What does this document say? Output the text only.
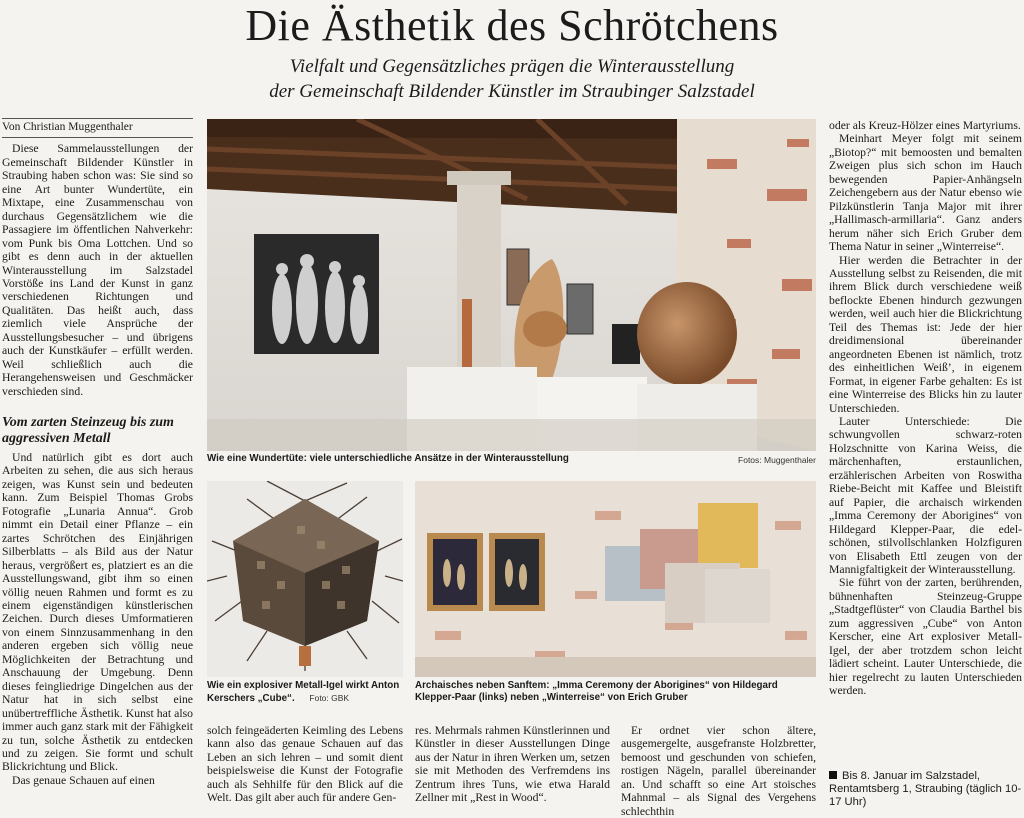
Die Ästhetik des Schrötchens
Vielfalt und Gegensätzliches prägen die Winterausstellung
der Gemeinschaft Bildender Künstler im Straubinger Salzstadel

Von Christian Muggenthaler

Diese Sammelausstellungen der Gemeinschaft Bildender Künstler in Straubing haben schon was: Sie sind so eine Art bunter Wundertüte, ein Mixtape, eine Zusammenschau von durchaus Gegensätzlichem wie die Passagiere im öffentlichen Nahverkehr: vom Punk bis Oma Lottchen. Und so gibt es denn auch in der aktuellen Winterausstellung im Salzstadel Vorstöße ins Land der Kunst in ganz verschiedenen Richtungen und Qualitäten. Das heißt auch, dass ziemlich viele Ansprüche der Ausstellungsbesucher – und übrigens auch der Kunstkäufer – erfüllt werden. Weil schließlich auch die Herangehensweisen und Geschmäcker verschieden sind.

Vom zarten Steinzeug bis zum aggressiven Metall

Und natürlich gibt es dort auch Arbeiten zu sehen, die aus sich heraus zeigen, was Kunst sein und bedeuten kann. Zum Beispiel Thomas Grobs Fotografie „Lunaria Annua“. Grob nimmt ein Detail einer Pflanze – ein zartes Schrötchen des Einjährigen Silberblatts – als Bild aus der Natur heraus, vergrößert es, platziert es an die Ausstellungswand, gibt ihm so einen völlig neuen Rahmen und formt es zu einem eigenständigen künstlerischen Zeichen. Durch dieses Umformatieren von einem Sinnzusammenhang in den anderen ergeben sich völlig neue Möglichkeiten der Betrachtung und Anschauung der Umgebung. Denn dieses feingliedrige Dingelchen aus der Natur hat in sich selbst eine unübertreffliche Ästhetik. Kunst hat also immer auch ganz stark mit der Fähigkeit zu tun, solche Ästhetik zu entdecken und zu zeigen. Sie formt und schult Blickrichtung und Blick.

Das genaue Schauen auf einen

Wie eine Wundertüte: viele unterschiedliche Ansätze in der Winterausstellung	Fotos: Muggenthaler
Wie ein explosiver Metall-Igel wirkt Anton Kerschers „Cube“. Foto: GBK
Archaisches neben Sanftem: „Imma Ceremony der Aborigines“ von Hildegard Klepper-Paar (links) neben „Winterreise“ von Erich Gruber

solch feingeäderten Keimling des Lebens kann also das genaue Schauen auf das Leben an sich lehren – und somit dient beispielsweise die Kunst der Fotografie auch als Sehhilfe für den Blick auf die Welt. Das gilt aber auch für andere Gen-

res. Mehrmals rahmen Künstlerinnen und Künstler in dieser Ausstellungen Dinge aus der Natur in ihren Werken um, setzen sie mit Methoden des Verfremdens ins Zentrum ihres Tuns, wie etwa Harald Zellner mit „Rest in Wood“.

Er ordnet vier schon ältere, ausgemergelte, ausgefranste Holzbretter, bemoost und geschunden von schiefen, rostigen Nägeln, parallel übereinander an. Und schafft so eine Art stoisches Mahnmal – als Signal des Vergehens schlechthin

oder als Kreuz-Hölzer eines Martyriums.

Meinhart Meyer folgt mit seinem „Biotop?“ mit bemoosten und bemalten Zweigen plus sich schon im Hauch bewegenden Papier-Anhängseln Zeichengebern aus der Natur ebenso wie Pilzkünstlerin Tanja Major mit ihrer „Hallimasch-armillaria“. Ganz anders herum näher sich Erich Gruber dem Thema Natur in seiner „Winterreise“.

Hier werden die Betrachter in der Ausstellung selbst zu Reisenden, die mit ihrem Blick durch verschiedene weiß beflockte Ebenen hindurch gezwungen werden, weil auch hier die Blickrichtung Teil des Themas ist: Jede der hier dreidimensional übereinander angeordneten Ebenen ist nämlich, trotz des einheitlichen Weiß’, in eigenem Format, in eigener Farbe gehalten: Es ist eine Winterreise des Blicks hin zu lauter Unterschieden.

Lauter Unterschiede: Die schwungvollen schwarz-roten Holzschnitte von Karina Weiss, die märchenhaften, erstaunlichen, erzählerischen Arbeiten von Roswitha Riebe-Beicht mit Kaffee und Bleistift auf Papier, die archaisch wirkenden „Imma Ceremony der Aborigines“ von Hildegard Klepper-Paar, die edel-schönen, stilvollschlanken Holzfiguren von Elisabeth Ettl zeugen von der Mannigfaltigkeit der Winterausstellung.

Sie führt von der zarten, berührenden, bühnenhaften Steinzeug-Gruppe „Stadtgeflüster“ von Claudia Barthel bis zum aggressiven „Cube“ von Anton Kerscher, eine Art explosiver Metall-Igel, der aber trotzdem schon leicht lädiert scheint. Lauter Unterschiede, die hier regelrecht zu lauten Unterschieden werden.

Bis 8. Januar im Salzstadel, Rentamtsberg 1, Straubing (täglich 10-17 Uhr)
